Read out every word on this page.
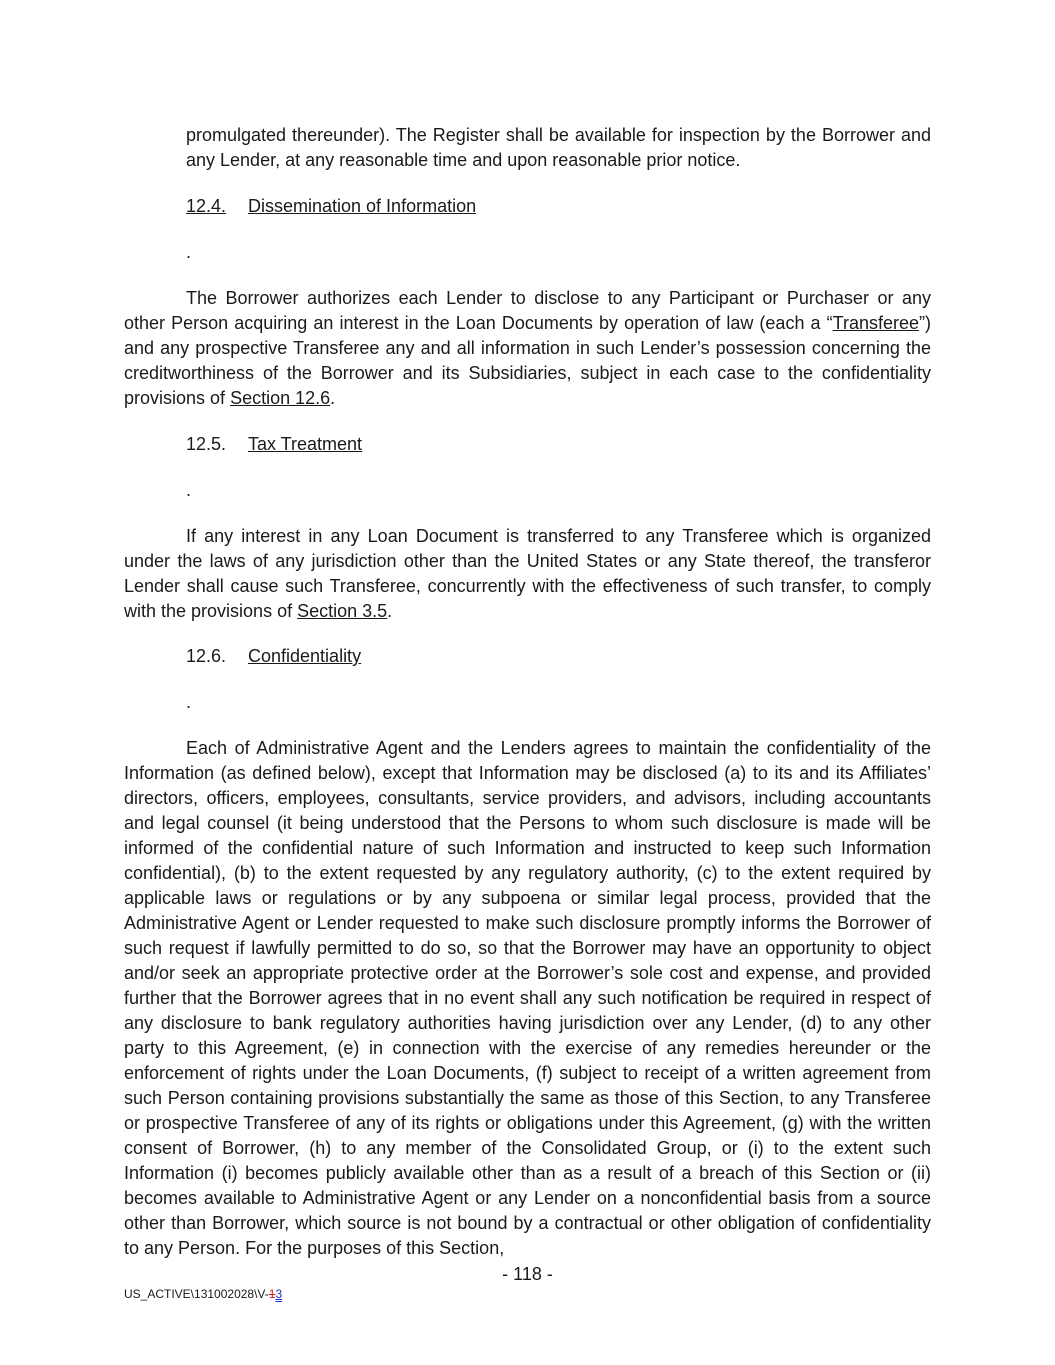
promulgated thereunder). The Register shall be available for inspection by the Borrower and any Lender, at any reasonable time and upon reasonable prior notice.

12.4. Dissemination of Information

.

The Borrower authorizes each Lender to disclose to any Participant or Purchaser or any other Person acquiring an interest in the Loan Documents by operation of law (each a “Transferee”) and any prospective Transferee any and all information in such Lender’s possession concerning the creditworthiness of the Borrower and its Subsidiaries, subject in each case to the confidentiality provisions of Section 12.6.

12.5. Tax Treatment

.

If any interest in any Loan Document is transferred to any Transferee which is organized under the laws of any jurisdiction other than the United States or any State thereof, the transferor Lender shall cause such Transferee, concurrently with the effectiveness of such transfer, to comply with the provisions of Section 3.5.

12.6. Confidentiality

.

Each of Administrative Agent and the Lenders agrees to maintain the confidentiality of the Information (as defined below), except that Information may be disclosed (a) to its and its Affiliates’ directors, officers, employees, consultants, service providers, and advisors, including accountants and legal counsel (it being understood that the Persons to whom such disclosure is made will be informed of the confidential nature of such Information and instructed to keep such Information confidential), (b) to the extent requested by any regulatory authority, (c) to the extent required by applicable laws or regulations or by any subpoena or similar legal process, provided that the Administrative Agent or Lender requested to make such disclosure promptly informs the Borrower of such request if lawfully permitted to do so, so that the Borrower may have an opportunity to object and/or seek an appropriate protective order at the Borrower’s sole cost and expense, and provided further that the Borrower agrees that in no event shall any such notification be required in respect of any disclosure to bank regulatory authorities having jurisdiction over any Lender, (d) to any other party to this Agreement, (e) in connection with the exercise of any remedies hereunder or the enforcement of rights under the Loan Documents, (f) subject to receipt of a written agreement from such Person containing provisions substantially the same as those of this Section, to any Transferee or prospective Transferee of any of its rights or obligations under this Agreement, (g) with the written consent of Borrower, (h) to any member of the Consolidated Group, or (i) to the extent such Information (i) becomes publicly available other than as a result of a breach of this Section or (ii) becomes available to Administrative Agent or any Lender on a nonconfidential basis from a source other than Borrower, which source is not bound by a contractual or other obligation of confidentiality to any Person. For the purposes of this Section,

- 118 -
US_ACTIVE\131002028\V-13
